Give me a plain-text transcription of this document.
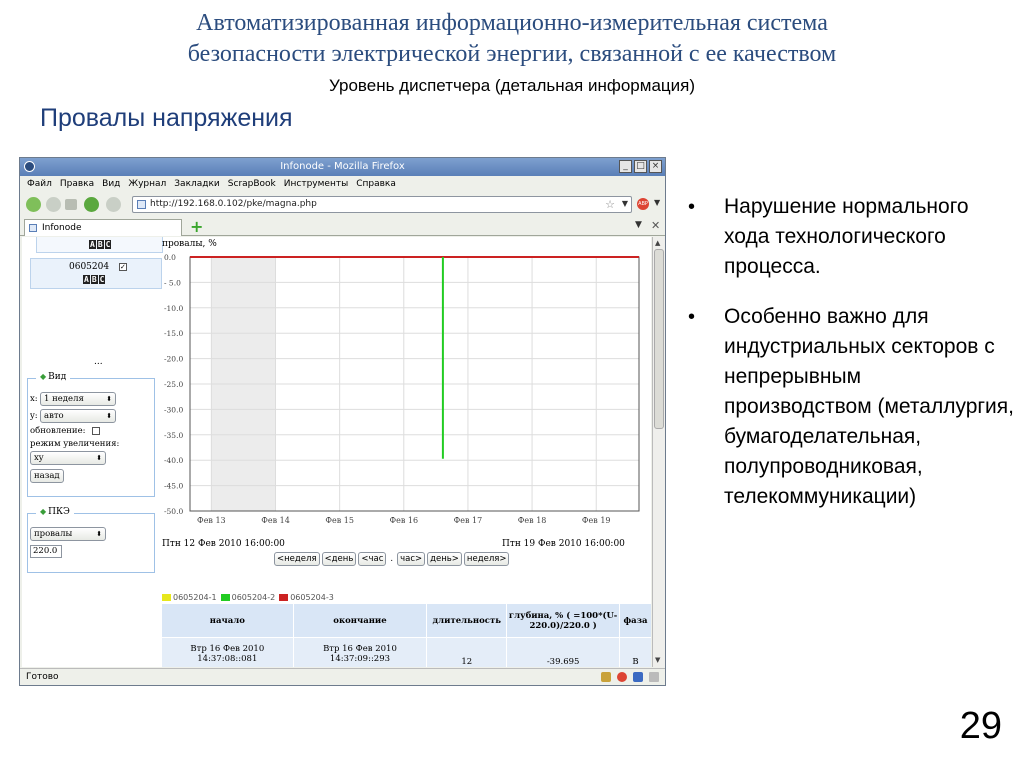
Автоматизированная информационно-измерительная система
безопасности электрической энергии, связанной с ее качеством
Уровень диспетчера (детальная информация)
Провалы напряжения
• Нарушение нормального хода технологического процесса.
• Особенно важно для индустриальных секторов с непрерывным производством (металлургия, бумагоделательная, полупроводниковая, телекоммуникации)
29
Infonode - Mozilla Firefox	_ □ ×
Файл Правка Вид Журнал Закладки ScrapBook Инструменты Справка
http://192.168.0.102/pke/magna.php	☆ ▼ ABP ▼
Infonode	+	▼ ✕
A B C
0605204 ✓
A B C
...
◆ Вид
x: 1 неделя	⬍
y: авто	⬍
обновление:
режим увеличения:
xy	⬍
назад
◆ ПКЭ
провалы	⬍
220.0
провалы, %
Фев 13	Фев 14	Фев 15	Фев 16	Фев 17	Фев 18	Фев 19
0.0
- 5.0
-10.0
-15.0
-20.0
-25.0
-30.0
-35.0
-40.0
-45.0
-50.0
Птн 12 Фев 2010 16:00:00	Птн 19 Фев 2010 16:00:00
<неделя <день <час . час> день> неделя>
0605204-1	0605204-2	0605204-3
начало	окончание	длительность	глубина, % ( =100*(U-220.0)/220.0 )	фаза
Втр 16 Фев 2010 14:37:08::081	Втр 16 Фев 2010 14:37:09::293	12	-39.695	B
▲
▼
Готово
